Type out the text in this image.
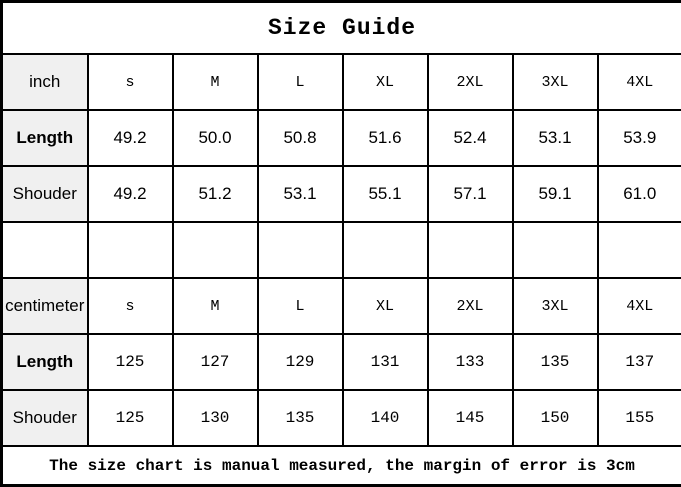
Size Guide							
inch	s	M	L	XL	2XL	3XL	4XL
Length	49.2	50.0	50.8	51.6	52.4	53.1	53.9
Shouder	49.2	51.2	53.1	55.1	57.1	59.1	61.0

centimeter	s	M	L	XL	2XL	3XL	4XL
Length	125	127	129	131	133	135	137
Shouder	125	130	135	140	145	150	155
The size chart is manual measured, the margin of error is 3cm							
